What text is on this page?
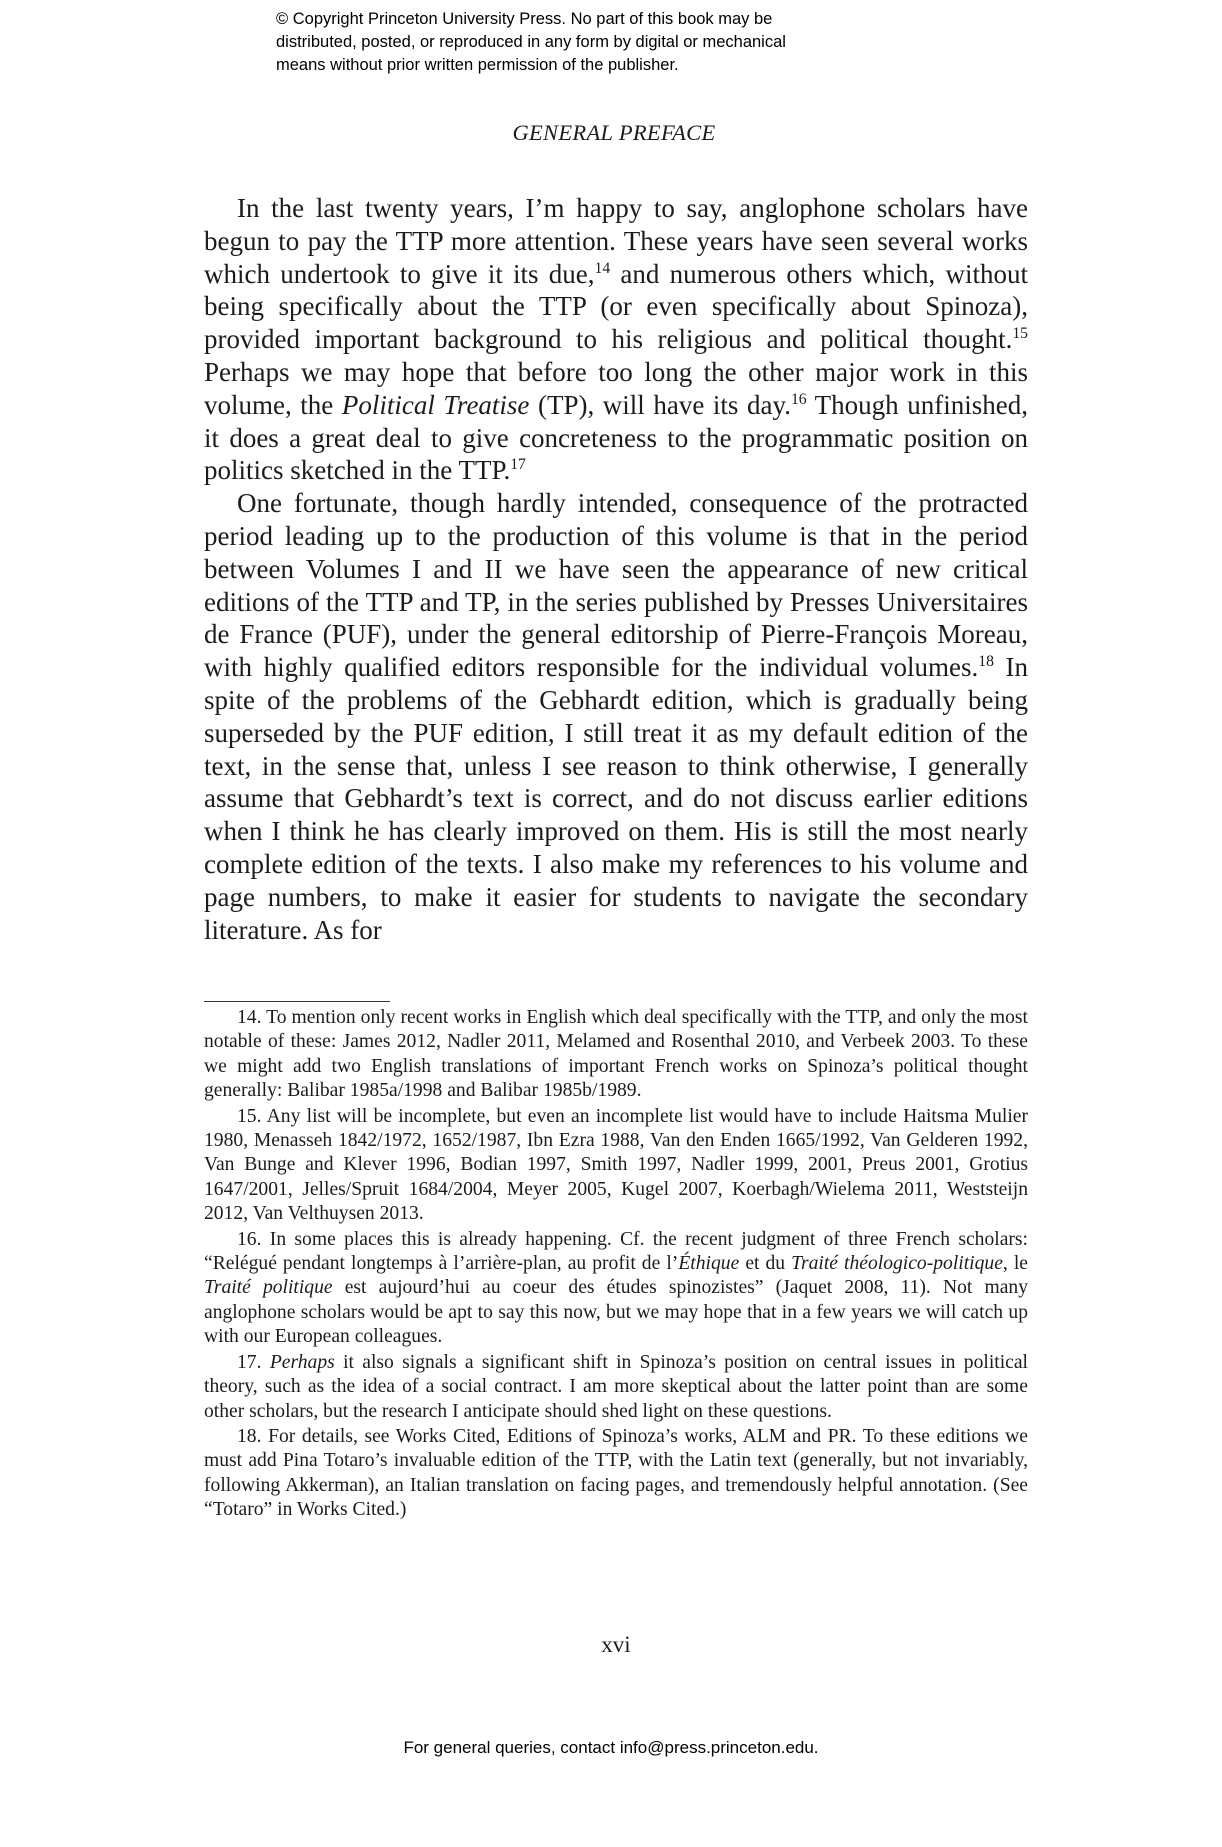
© Copyright Princeton University Press. No part of this book may be
distributed, posted, or reproduced in any form by digital or mechanical
means without prior written permission of the publisher.
GENERAL PREFACE

In the last twenty years, I’m happy to say, anglophone scholars have begun to pay the TTP more attention. These years have seen several works which undertook to give it its due,$^{14}$ and numerous others which, without being specifically about the TTP (or even specifically about Spinoza), provided important background to his religious and political thought.$^{15}$ Perhaps we may hope that before too long the other major work in this volume, the Political Treatise (TP), will have its day.$^{16}$ Though unfinished, it does a great deal to give concreteness to the programmatic position on politics sketched in the TTP.$^{17}$

One fortunate, though hardly intended, consequence of the protracted period leading up to the production of this volume is that in the period between Volumes I and II we have seen the appearance of new critical editions of the TTP and TP, in the series published by Presses Universitaires de France (PUF), under the general editorship of Pierre-François Moreau, with highly qualified editors responsible for the individual volumes.$^{18}$ In spite of the problems of the Gebhardt edition, which is gradually being superseded by the PUF edition, I still treat it as my default edition of the text, in the sense that, unless I see reason to think otherwise, I generally assume that Gebhardt’s text is correct, and do not discuss earlier editions when I think he has clearly improved on them. His is still the most nearly complete edition of the texts. I also make my references to his volume and page numbers, to make it easier for students to navigate the secondary literature. As for

14. To mention only recent works in English which deal specifically with the TTP, and only the most notable of these: James 2012, Nadler 2011, Melamed and Rosenthal 2010, and Verbeek 2003. To these we might add two English translations of important French works on Spinoza’s political thought generally: Balibar 1985a/1998 and Balibar 1985b/1989.

15. Any list will be incomplete, but even an incomplete list would have to include Haitsma Mulier 1980, Menasseh 1842/1972, 1652/1987, Ibn Ezra 1988, Van den Enden 1665/1992, Van Gelderen 1992, Van Bunge and Klever 1996, Bodian 1997, Smith 1997, Nadler 1999, 2001, Preus 2001, Grotius 1647/2001, Jelles/Spruit 1684/2004, Meyer 2005, Kugel 2007, Koerbagh/Wielema 2011, Weststeijn 2012, Van Velthuysen 2013.

16. In some places this is already happening. Cf. the recent judgment of three French scholars: “Relégué pendant longtemps à l’arrière-plan, au profit de l’Éthique et du Traité théologico-politique, le Traité politique est aujourd’hui au coeur des études spinozistes” (Jaquet 2008, 11). Not many anglophone scholars would be apt to say this now, but we may hope that in a few years we will catch up with our European colleagues.

17. Perhaps it also signals a significant shift in Spinoza’s position on central issues in political theory, such as the idea of a social contract. I am more skeptical about the latter point than are some other scholars, but the research I anticipate should shed light on these questions.

18. For details, see Works Cited, Editions of Spinoza’s works, ALM and PR. To these editions we must add Pina Totaro’s invaluable edition of the TTP, with the Latin text (generally, but not invariably, following Akkerman), an Italian translation on facing pages, and tremendously helpful annotation. (See “Totaro” in Works Cited.)

xvi
For general queries, contact info@press.princeton.edu.
